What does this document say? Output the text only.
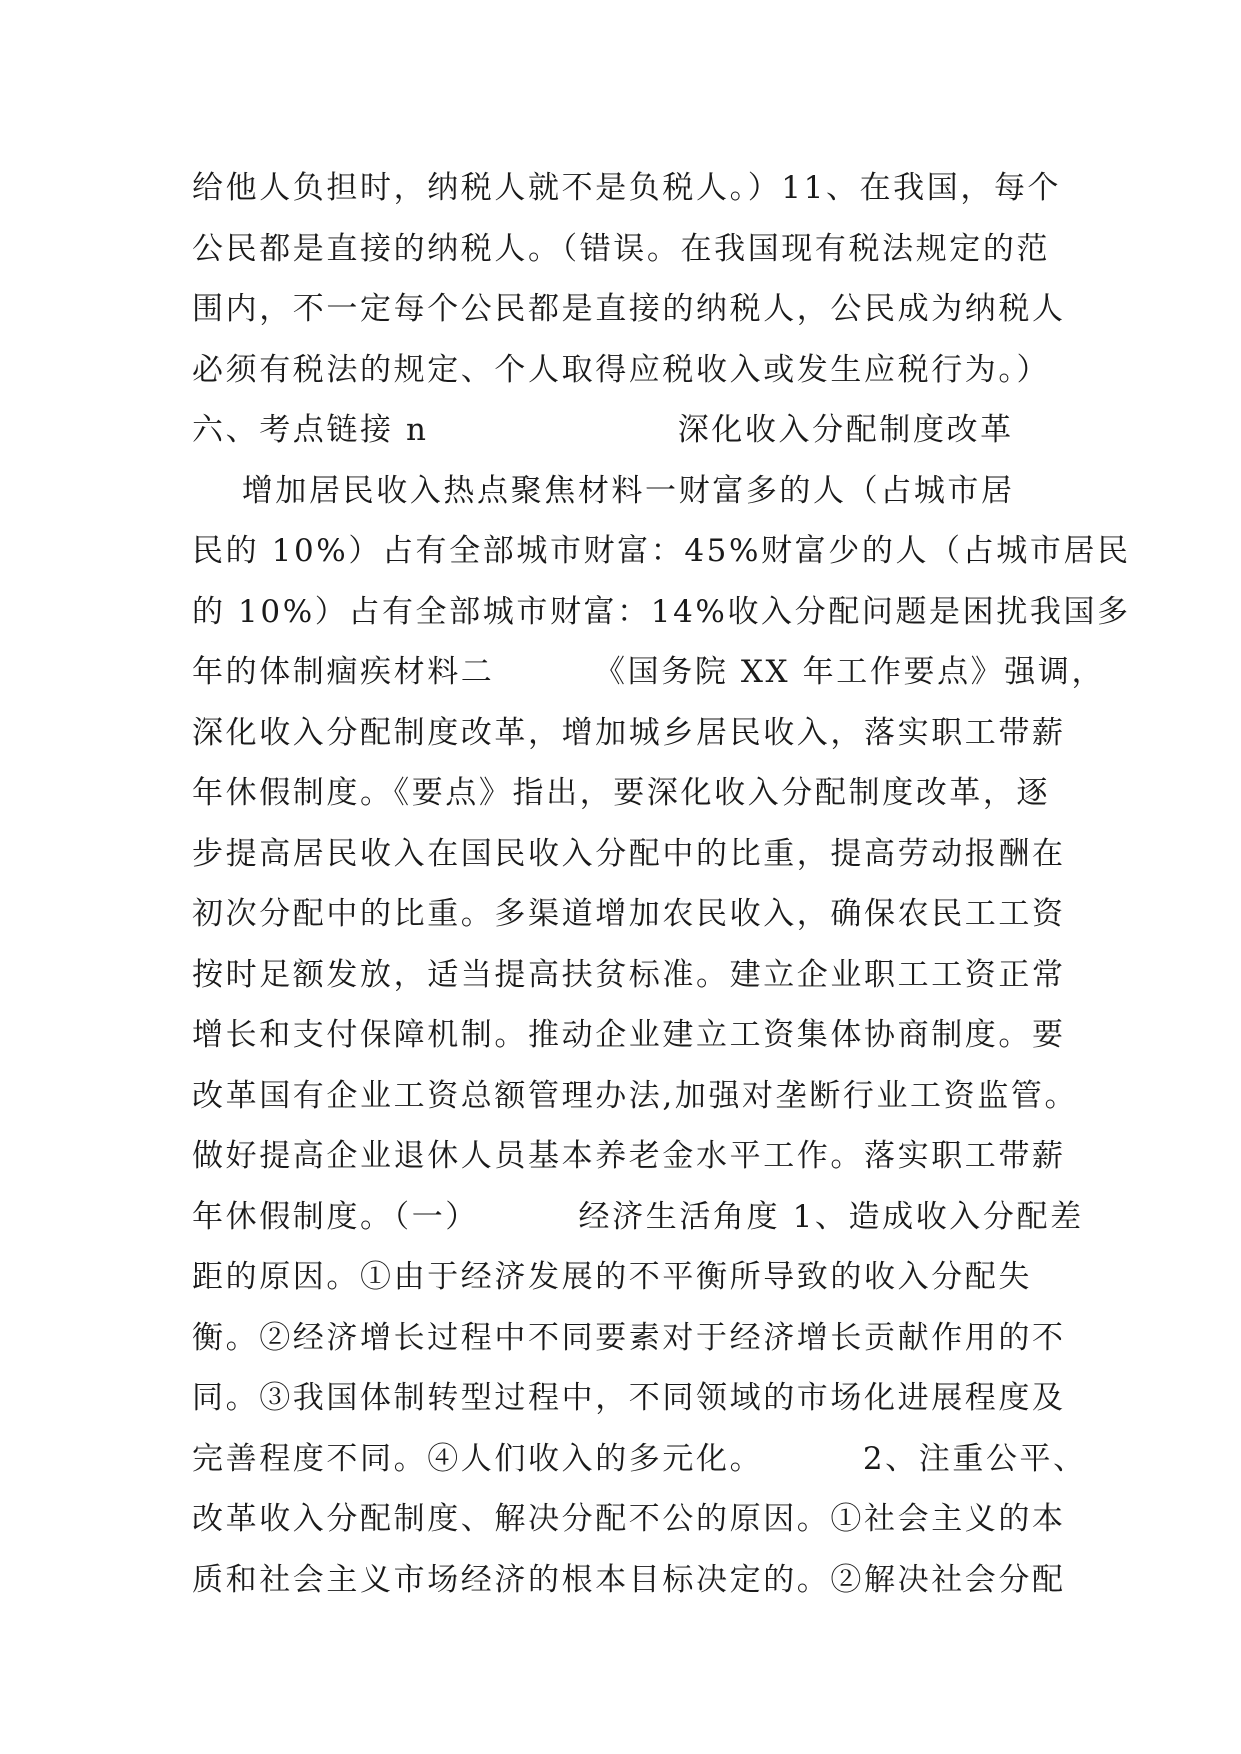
给他人负担时，纳税人就不是负税人。）11、在我国，每个
公民都是直接的纳税人。（错误。在我国现有税法规定的范
围内，不一定每个公民都是直接的纳税人，公民成为纳税人
必须有税法的规定、个人取得应税收入或发生应税行为。）
六、考点链接 n                    深化收入分配制度改革
增加居民收入热点聚焦材料一财富多的人（占城市居
民的 10%）占有全部城市财富：45%财富少的人（占城市居民
的 10%）占有全部城市财富：14%收入分配问题是困扰我国多
年的体制痼疾材料二        《国务院 XX 年工作要点》强调，
深化收入分配制度改革，增加城乡居民收入，落实职工带薪
年休假制度。《要点》指出，要深化收入分配制度改革，逐
步提高居民收入在国民收入分配中的比重，提高劳动报酬在
初次分配中的比重。多渠道增加农民收入，确保农民工工资
按时足额发放，适当提高扶贫标准。建立企业职工工资正常
增长和支付保障机制。推动企业建立工资集体协商制度。要
改革国有企业工资总额管理办法,加强对垄断行业工资监管。
做好提高企业退休人员基本养老金水平工作。落实职工带薪
年休假制度。（一）        经济生活角度 1、造成收入分配差
距的原因。①由于经济发展的不平衡所导致的收入分配失
衡。②经济增长过程中不同要素对于经济增长贡献作用的不
同。③我国体制转型过程中，不同领域的市场化进展程度及
完善程度不同。④人们收入的多元化。        2、注重公平、
改革收入分配制度、解决分配不公的原因。①社会主义的本
质和社会主义市场经济的根本目标决定的。②解决社会分配
